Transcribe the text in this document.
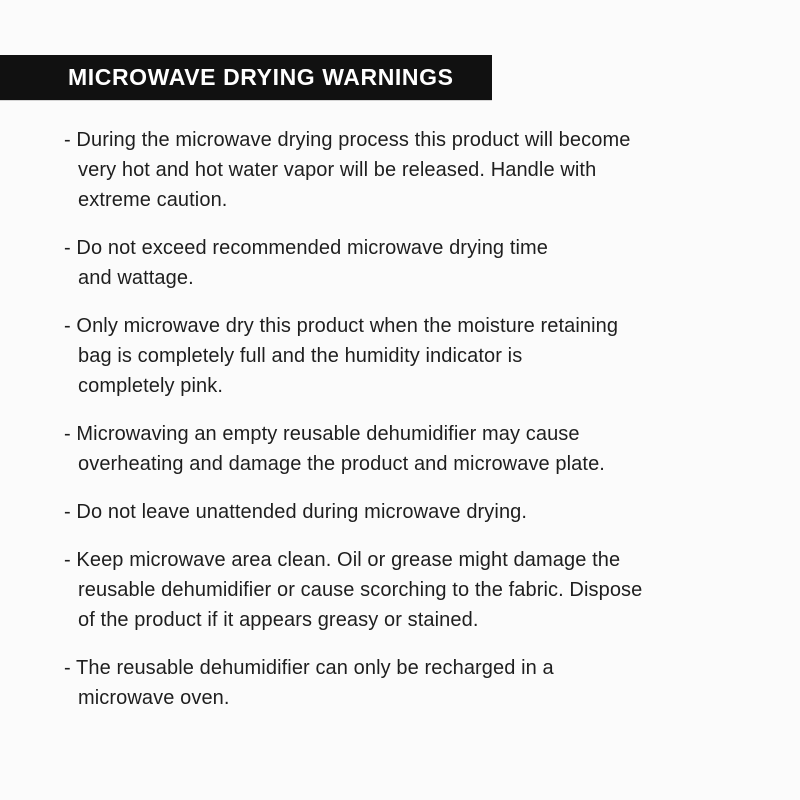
MICROWAVE DRYING WARNINGS
- During the microwave drying process this product will become
very hot and hot water vapor will be released. Handle with
extreme caution.
- Do not exceed recommended microwave drying time
and wattage.
- Only microwave dry this product when the moisture retaining
bag is completely full and the humidity indicator is
completely pink.
- Microwaving an empty reusable dehumidifier may cause
overheating and damage the product and microwave plate.
- Do not leave unattended during microwave drying.
- Keep microwave area clean. Oil or grease might damage the
reusable dehumidifier or cause scorching to the fabric. Dispose
of the product if it appears greasy or stained.
- The reusable dehumidifier can only be recharged in a
microwave oven.
